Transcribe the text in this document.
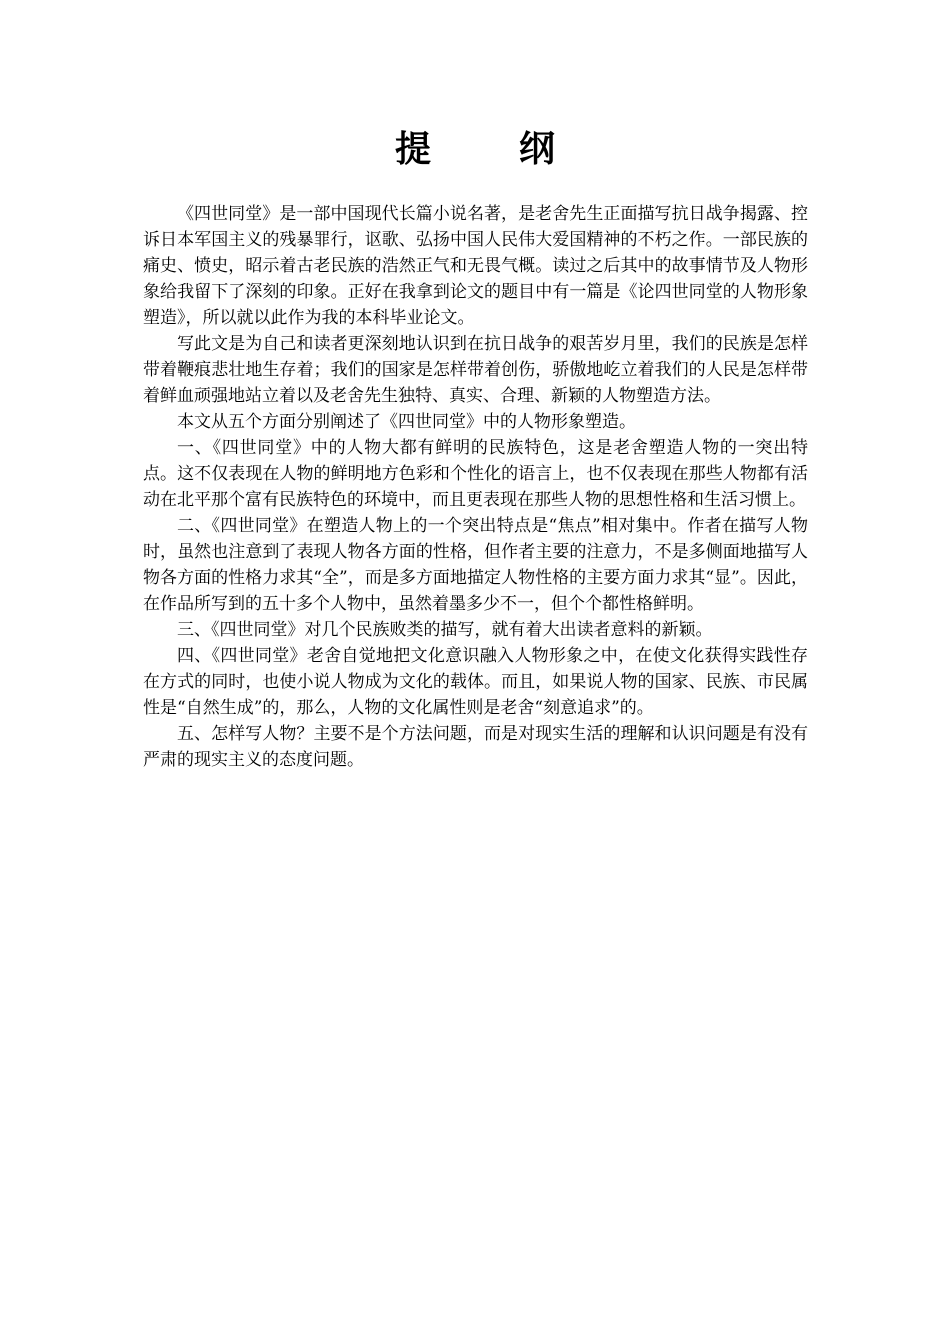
提　纲

《四世同堂》是一部中国现代长篇小说名著，是老舍先生正面描写抗日战争揭露、控诉日本军国主义的残暴罪行，讴歌、弘扬中国人民伟大爱国精神的不朽之作。一部民族的痛史、愤史，昭示着古老民族的浩然正气和无畏气概。读过之后其中的故事情节及人物形象给我留下了深刻的印象。正好在我拿到论文的题目中有一篇是《论四世同堂的人物形象塑造》，所以就以此作为我的本科毕业论文。

写此文是为自己和读者更深刻地认识到在抗日战争的艰苦岁月里，我们的民族是怎样带着鞭痕悲壮地生存着；我们的国家是怎样带着创伤，骄傲地屹立着我们的人民是怎样带着鲜血顽强地站立着以及老舍先生独特、真实、合理、新颖的人物塑造方法。

本文从五个方面分别阐述了《四世同堂》中的人物形象塑造。

一、《四世同堂》中的人物大都有鲜明的民族特色，这是老舍塑造人物的一突出特点。这不仅表现在人物的鲜明地方色彩和个性化的语言上，也不仅表现在那些人物都有活动在北平那个富有民族特色的环境中，而且更表现在那些人物的思想性格和生活习惯上。

二、《四世同堂》在塑造人物上的一个突出特点是“焦点”相对集中。作者在描写人物时，虽然也注意到了表现人物各方面的性格，但作者主要的注意力，不是多侧面地描写人物各方面的性格力求其“全”，而是多方面地描定人物性格的主要方面力求其“显”。因此，在作品所写到的五十多个人物中，虽然着墨多少不一，但个个都性格鲜明。

三、《四世同堂》对几个民族败类的描写，就有着大出读者意料的新颖。

四、《四世同堂》老舍自觉地把文化意识融入人物形象之中，在使文化获得实践性存在方式的同时，也使小说人物成为文化的载体。而且，如果说人物的国家、民族、市民属性是“自然生成”的，那么，人物的文化属性则是老舍“刻意追求”的。

五、怎样写人物？主要不是个方法问题，而是对现实生活的理解和认识问题是有没有严肃的现实主义的态度问题。
